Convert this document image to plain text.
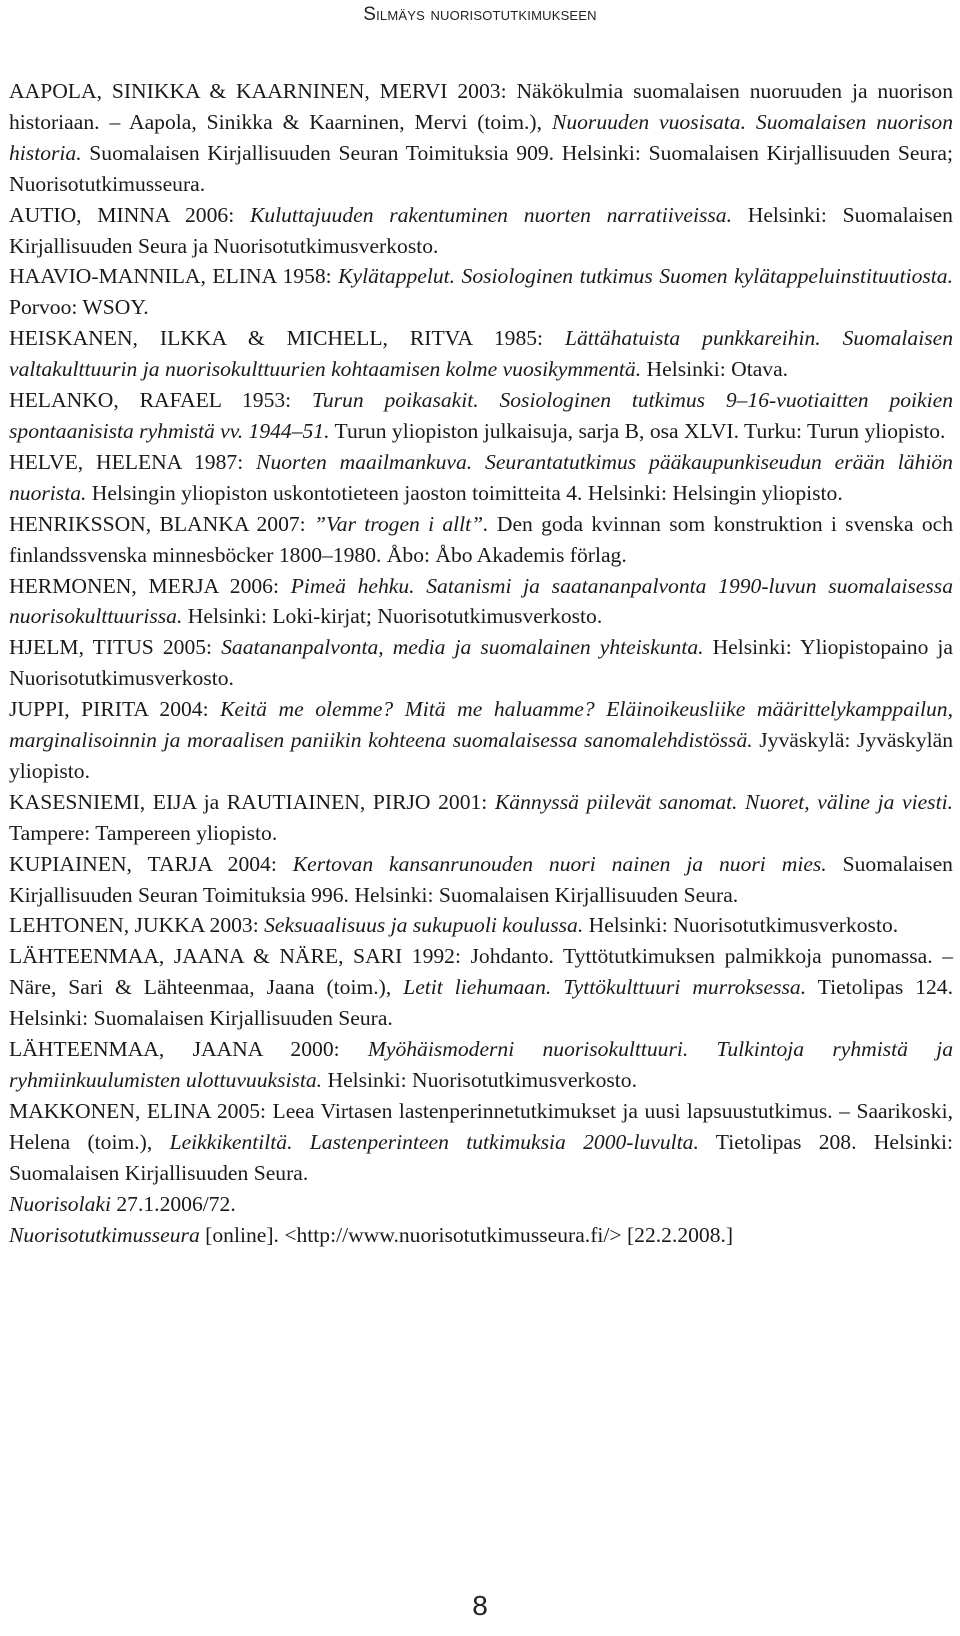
Silmäys nuorisotutkimukseen

AAPOLA, SINIKKA & KAARNINEN, MERVI 2003: Näkökulmia suomalaisen nuoruuden ja nuorison historiaan. – Aapola, Sinikka & Kaarninen, Mervi (toim.), Nuoruuden vuosisata. Suomalaisen nuorison historia. Suomalaisen Kirjallisuuden Seuran Toimituksia 909. Helsinki: Suomalaisen Kirjallisuuden Seura; Nuorisotutkimusseura.

AUTIO, MINNA 2006: Kuluttajuuden rakentuminen nuorten narratiiveissa. Helsinki: Suomalaisen Kirjallisuuden Seura ja Nuorisotutkimusverkosto.

HAAVIO-MANNILA, ELINA 1958: Kylätappelut. Sosiologinen tutkimus Suomen kylätappeluinstituutiosta. Porvoo: WSOY.

HEISKANEN, ILKKA & MICHELL, RITVA 1985: Lättähatuista punkkareihin. Suomalaisen valtakulttuurin ja nuorisokulttuurien kohtaamisen kolme vuosikymmentä. Helsinki: Otava.

HELANKO, RAFAEL 1953: Turun poikasakit. Sosiologinen tutkimus 9–16-vuotiaitten poikien spontaanisista ryhmistä vv. 1944–51. Turun yliopiston julkaisuja, sarja B, osa XLVI. Turku: Turun yliopisto.

HELVE, HELENA 1987: Nuorten maailmankuva. Seurantatutkimus pääkaupunkiseudun erään lähiön nuorista. Helsingin yliopiston uskontotieteen jaoston toimitteita 4. Helsinki: Helsingin yliopisto.

HENRIKSSON, BLANKA 2007: ”Var trogen i allt”. Den goda kvinnan som konstruktion i svenska och finlandssvenska minnesböcker 1800–1980. Åbo: Åbo Akademis förlag.

HERMONEN, MERJA 2006: Pimeä hehku. Satanismi ja saatananpalvonta 1990-luvun suomalaisessa nuorisokulttuurissa. Helsinki: Loki-kirjat; Nuorisotutkimusverkosto.

HJELM, TITUS 2005: Saatananpalvonta, media ja suomalainen yhteiskunta. Helsinki: Yliopistopaino ja Nuorisotutkimusverkosto.

JUPPI, PIRITA 2004: Keitä me olemme? Mitä me haluamme? Eläinoikeusliike määrittelykamppailun, marginalisoinnin ja moraalisen paniikin kohteena suomalaisessa sanomalehdistössä. Jyväskylä: Jyväskylän yliopisto.

KASESNIEMI, EIJA ja RAUTIAINEN, PIRJO 2001: Kännyssä piilevät sanomat. Nuoret, väline ja viesti. Tampere: Tampereen yliopisto.

KUPIAINEN, TARJA 2004: Kertovan kansanrunouden nuori nainen ja nuori mies. Suomalaisen Kirjallisuuden Seuran Toimituksia 996. Helsinki: Suomalaisen Kirjallisuuden Seura.

LEHTONEN, JUKKA 2003: Seksuaalisuus ja sukupuoli koulussa. Helsinki: Nuorisotutkimusverkosto.

LÄHTEENMAA, JAANA & NÄRE, SARI 1992: Johdanto. Tyttötutkimuksen palmikkoja punomassa. – Näre, Sari & Lähteenmaa, Jaana (toim.), Letit liehumaan. Tyttökulttuuri murroksessa. Tietolipas 124. Helsinki: Suomalaisen Kirjallisuuden Seura.

LÄHTEENMAA, JAANA 2000: Myöhäismoderni nuorisokulttuuri. Tulkintoja ryhmistä ja ryhmiinkuulumisten ulottuvuuksista. Helsinki: Nuorisotutkimusverkosto.

MAKKONEN, ELINA 2005: Leea Virtasen lastenperinnetutkimukset ja uusi lapsuustutkimus. – Saarikoski, Helena (toim.), Leikkikentiltä. Lastenperinteen tutkimuksia 2000-luvulta. Tietolipas 208. Helsinki: Suomalaisen Kirjallisuuden Seura.

Nuorisolaki 27.1.2006/72.

Nuorisotutkimusseura [online]. <http://www.nuorisotutkimusseura.fi/> [22.2.2008.]

8
